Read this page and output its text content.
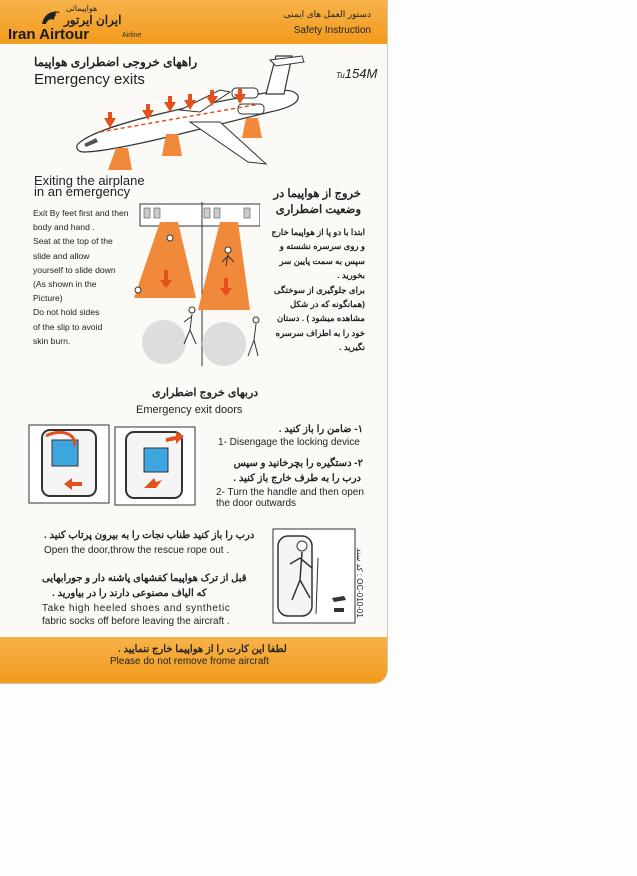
هواپیمائی
ایران ایرتور
Iran Airtour	Airline
دستور العمل های ایمنی
Safety Instruction
راههای خروجی اضطراری هواپیما
Emergency exits	Tu154M
Exiting the airplane
in an emergency
Exit By feet first and then
body and hand .
Seat at the top of the
slide and allow
yourself to slide down
(As shown in the
Picture)
Do not hold sides
of the slip to avoid
skin burn.
خروج از هواپیما در
وضعیت اضطراری
ابتدا با دو پا از هواپیما خارج
و روی سرسره نشسته و
سپس به سمت پایین سر
بخورید .
برای جلوگیری از سوختگی
(همانگونه که در شکل
مشاهده میشود ) . دستان
خود را به اطراف سرسره
نگیرید .
دربهای خروج اضطراری
Emergency exit doors
۱- ضامن را باز کنید .
1- Disengage the locking device
۲- دستگیره را بچرخانید و سپس
درب را به طرف خارج باز کنید .
2- Turn the handle and then open
the door outwards
درب را باز کنید طناب نجات را به بیرون پرتاب کنید .
Open the door,throw the rescue rope out .
قبل از ترک هواپیما کفشهای پاشنه دار و جورابهایی
که الیاف مصنوعی دارند را در بیاورید .
Take high heeled shoes and synthetic
fabric socks off before leaving the aircraft .
کد سند : OC-010-01
لطفا این کارت را از هواپیما خارج ننمایید .
Please do not remove frome aircraft
